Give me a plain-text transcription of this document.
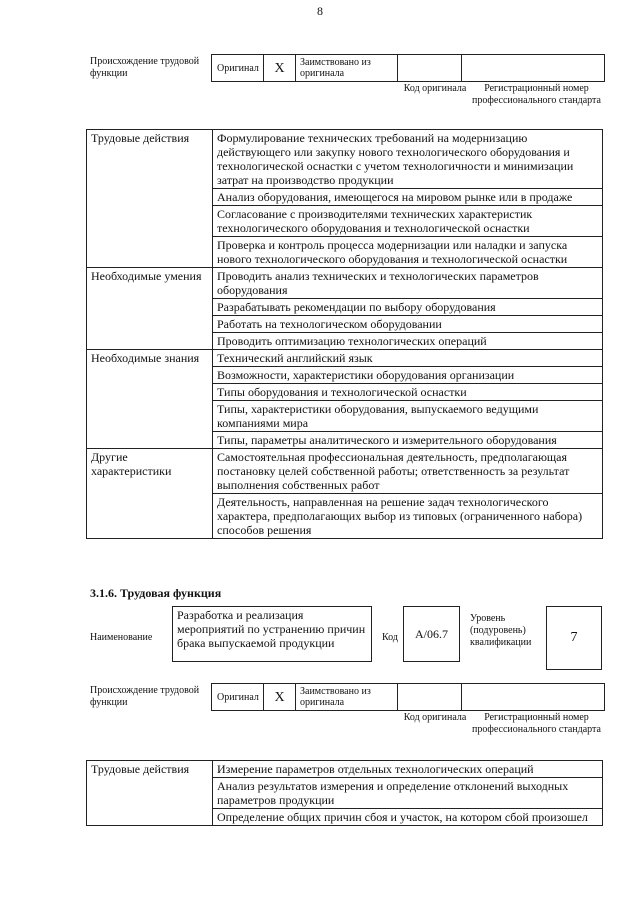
8
Происхождение трудовой функции	Оригинал	X	Заимствовано из оригинала
Код оригинала	Регистрационный номер профессионального стандарта
Трудовые действия	Формулирование технических требований на модернизацию действующего или закупку нового технологического оборудования и технологической оснастки с учетом технологичности и минимизации затрат на производство продукции
	Анализ оборудования, имеющегося на мировом рынке или в продаже
	Согласование с производителями технических характеристик технологического оборудования и технологической оснастки
	Проверка и контроль процесса модернизации или наладки и запуска нового технологического оборудования и технологической оснастки
Необходимые умения	Проводить анализ технических и технологических параметров оборудования
	Разрабатывать рекомендации по выбору оборудования
	Работать на технологическом оборудовании
	Проводить оптимизацию технологических операций
Необходимые знания	Технический английский язык
	Возможности, характеристики оборудования организации
	Типы оборудования и технологической оснастки
	Типы, характеристики оборудования, выпускаемого ведущими компаниями мира
	Типы, параметры аналитического и измерительного оборудования
Другие характеристики	Самостоятельная профессиональная деятельность, предполагающая постановку целей собственной работы; ответственность за результат выполнения собственных работ
	Деятельность, направленная на решение задач технологического характера, предполагающих выбор из типовых (ограниченного набора) способов решения
3.1.6. Трудовая функция
Наименование
Разработка и реализация мероприятий по устранению причин брака выпускаемой продукции	Код	А/06.7
Уровень (подуровень) квалификации	7
Происхождение трудовой функции	Оригинал	X	Заимствовано из оригинала
Код оригинала	Регистрационный номер профессионального стандарта
Трудовые действия	Измерение параметров отдельных технологических операций
Анализ результатов измерения и определение отклонений выходных параметров продукции
Определение общих причин сбоя и участок, на котором сбой произошел
